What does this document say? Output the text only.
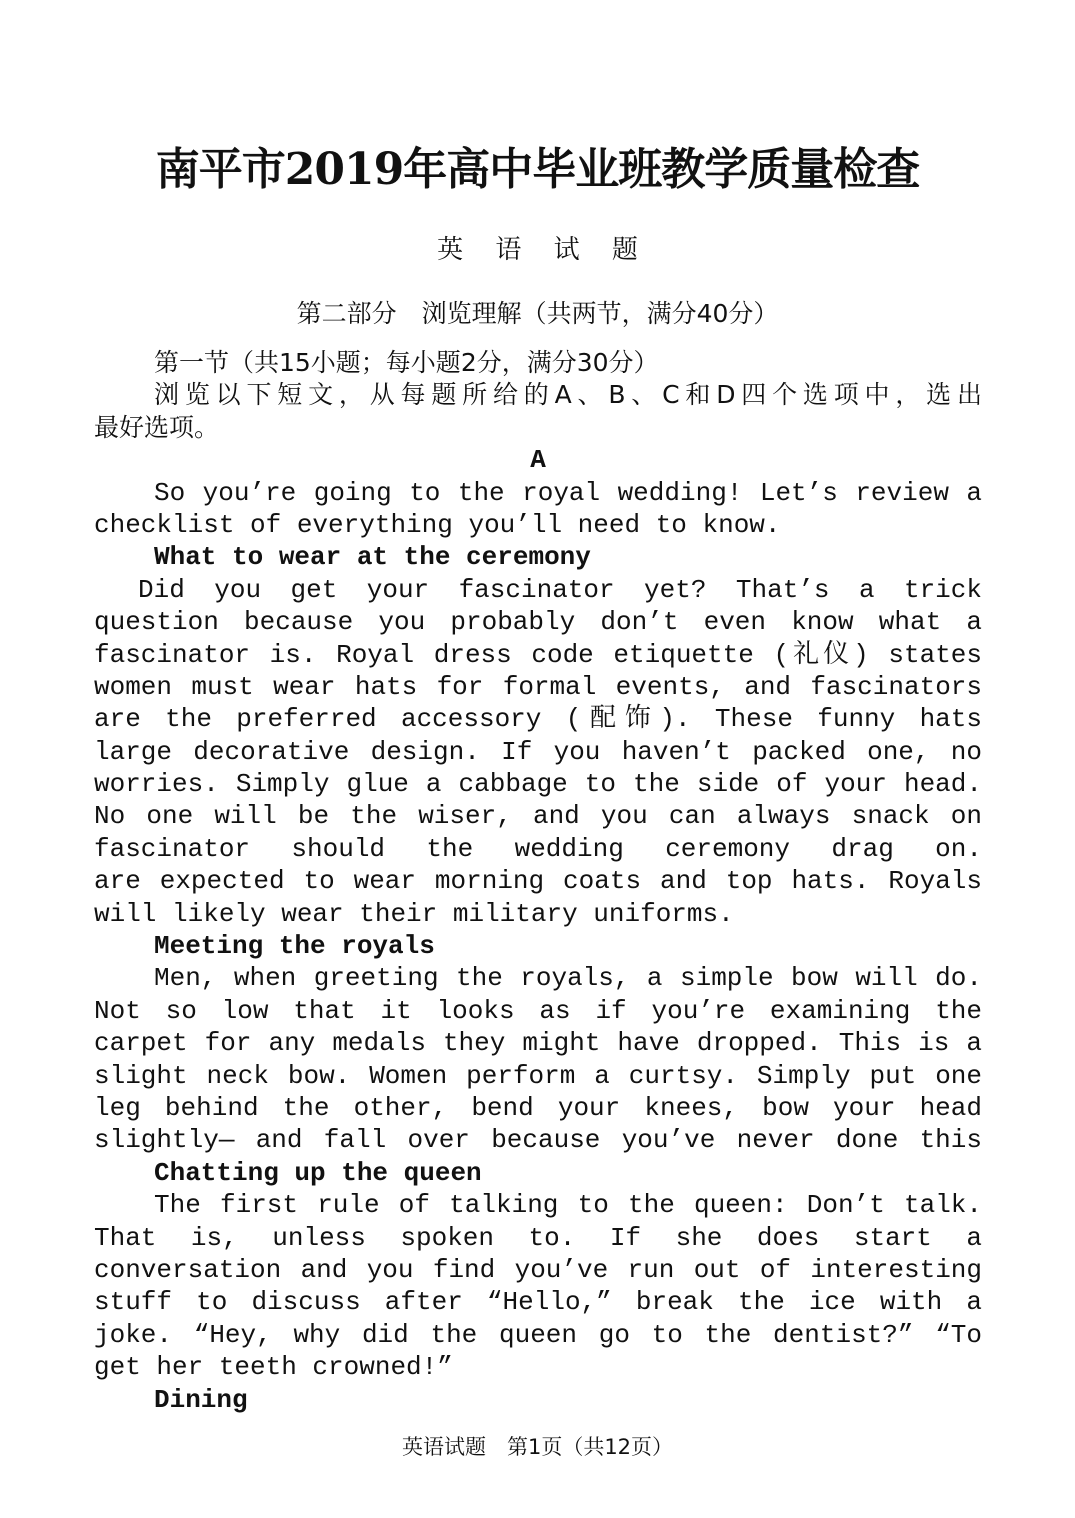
南平市2019年高中毕业班教学质量检查
英 语 试 题
第二部分　浏览理解（共两节，满分40分）
第一节（共15小题；每小题2分，满分30分）
浏览以下短文，从每题所给的A、B、C和D四个选项中，选出
最好选项。
A
So you’re going to the royal wedding! Let’s review a
checklist of everything you’ll need to know.
What to wear at the ceremony
Did you get your fascinator yet? That’s a trick
question because you probably don’t even know what a
fascinator is. Royal dress code etiquette (礼仪) states
women must wear hats for formal events, and fascinators
are the preferred accessory (配饰). These funny hats
large decorative design. If you haven’t packed one, no
worries. Simply glue a cabbage to the side of your head.
No one will be the wiser, and you can always snack on
fascinator should the wedding ceremony drag on.
are expected to wear morning coats and top hats. Royals
will likely wear their military uniforms.
Meeting the royals
Men, when greeting the royals, a simple bow will do.
Not so low that it looks as if you’re examining the
carpet for any medals they might have dropped. This is a
slight neck bow. Women perform a curtsy. Simply put one
leg behind the other, bend your knees, bow your head
slightly— and fall over because you’ve never done this
Chatting up the queen
The first rule of talking to the queen: Don’t talk.
That is, unless spoken to. If she does start a
conversation and you find you’ve run out of interesting
stuff to discuss after “Hello,” break the ice with a
joke. “Hey, why did the queen go to the dentist?” “To
get her teeth crowned!”
Dining
英语试题　第1页（共12页）
